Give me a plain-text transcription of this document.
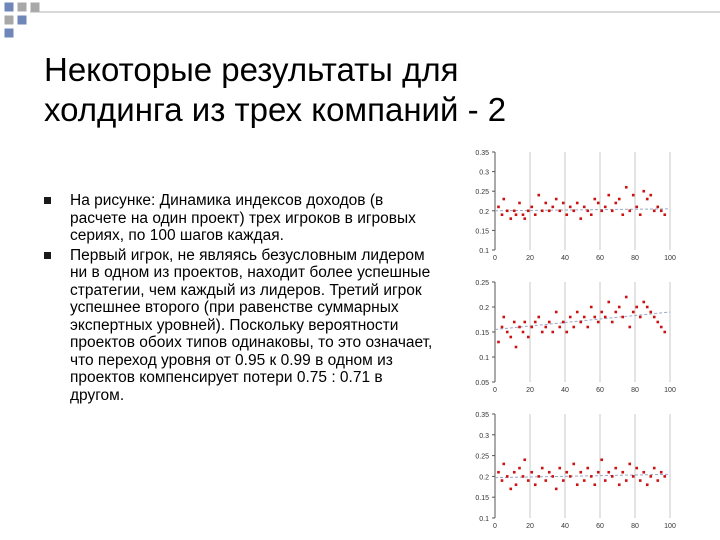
Некоторые результаты для
холдинга из трех компаний - 2
На рисунке: Динамика индексов доходов (в расчете на один проект) трех игроков в игровых сериях, по 100 шагов каждая.
Первый игрок, не являясь безусловным лидером ни в одном из проектов, находит более успешные стратегии, чем каждый из лидеров. Третий игрок успешнее второго (при равенстве суммарных экспертных уровней). Поскольку вероятности проектов обоих типов одинаковы, то это означает, что переход уровня от 0.95 к 0.99 в одном из проектов компенсирует потери 0.75 : 0.71 в другом.
0.1
0.15
0.2
0.25
0.3
0.35
0	20	40	60	80	100
0.05
0.1
0.15
0.2
0.25
0	20	40	60	80	100
0.1
0.15
0.2
0.25
0.3
0.35
0	20	40	60	80	100
